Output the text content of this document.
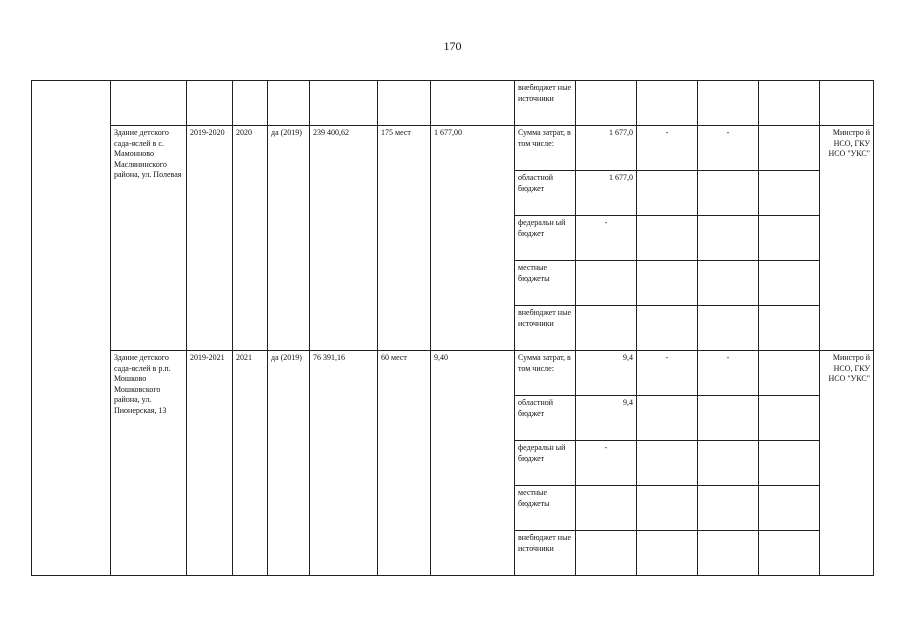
170
								внебюджет ные источники					
	Здание детского сада-яслей в с. Мамонново Маслянинского района, ул. Полевая	2019-2020	2020	да (2019)	239 400,62	175 мест	1 677,00	Сумма затрат, в том числе:	1 677,0	-	-		Минстро й НСО, ГКУ НСО "УКС"
								областной бюджет	1 677,0				
								федеральн ый бюджет	-				
								местные бюджеты					
								внебюджет ные источники					
	Здание детского сада-яслей в р.п. Мошково Мошковского района, ул. Пионерская, 13	2019-2021	2021	да (2019)	76 391,16	60 мест	9,40	Сумма затрат, в том числе:	9,4	-	-		Минстро й НСО, ГКУ НСО "УКС"
								областной бюджет	9,4				
								федеральн ый бюджет	-				
								местные бюджеты					
								внебюджет ные источники					
